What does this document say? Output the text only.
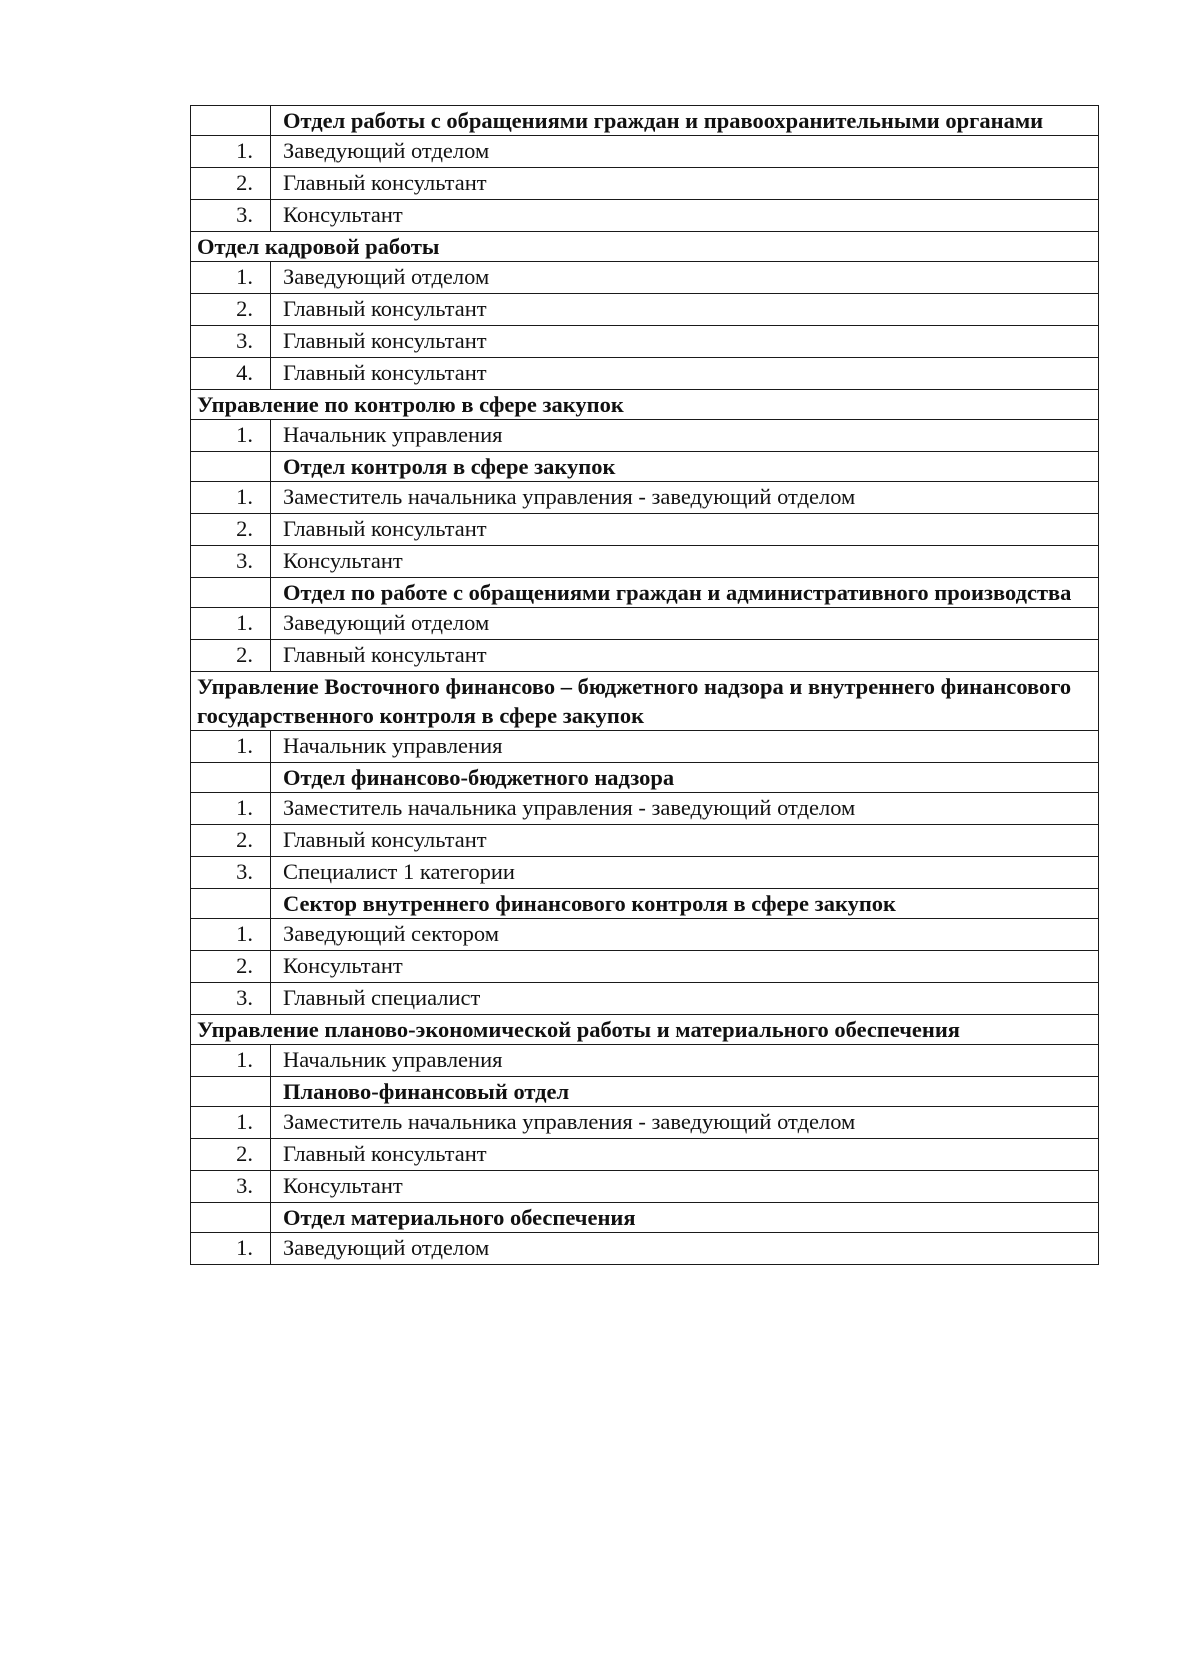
	Отдел работы с обращениями граждан и правоохранительными органами

1.	Заведующий отделом

2.	Главный консультант

3.	Консультант

Отдел кадровой работы	
1.	Заведующий отделом

2.	Главный консультант

3.	Главный консультант

4.	Главный консультант

Управление по контролю в сфере закупок	
1.	Начальник управления

	Отдел контроля в сфере закупок

1.	Заместитель начальника управления - заведующий отделом

2.	Главный консультант

3.	Консультант

	Отдел по работе с обращениями граждан и административного производства

1.	Заведующий отделом

2.	Главный консультант

Управление Восточного финансово – бюджетного надзора и внутреннего финансового государственного контроля в сфере закупок	
1.	Начальник управления

	Отдел финансово-бюджетного надзора

1.	Заместитель начальника управления - заведующий отделом

2.	Главный консультант

3.	Специалист 1 категории

	Сектор внутреннего финансового контроля в сфере закупок

1.	Заведующий сектором

2.	Консультант

3.	Главный специалист

Управление планово-экономической работы и материального обеспечения	
1.	Начальник управления

	Планово-финансовый отдел

1.	Заместитель начальника управления - заведующий отделом

2.	Главный консультант

3.	Консультант

	Отдел материального обеспечения

1.	Заведующий отделом
